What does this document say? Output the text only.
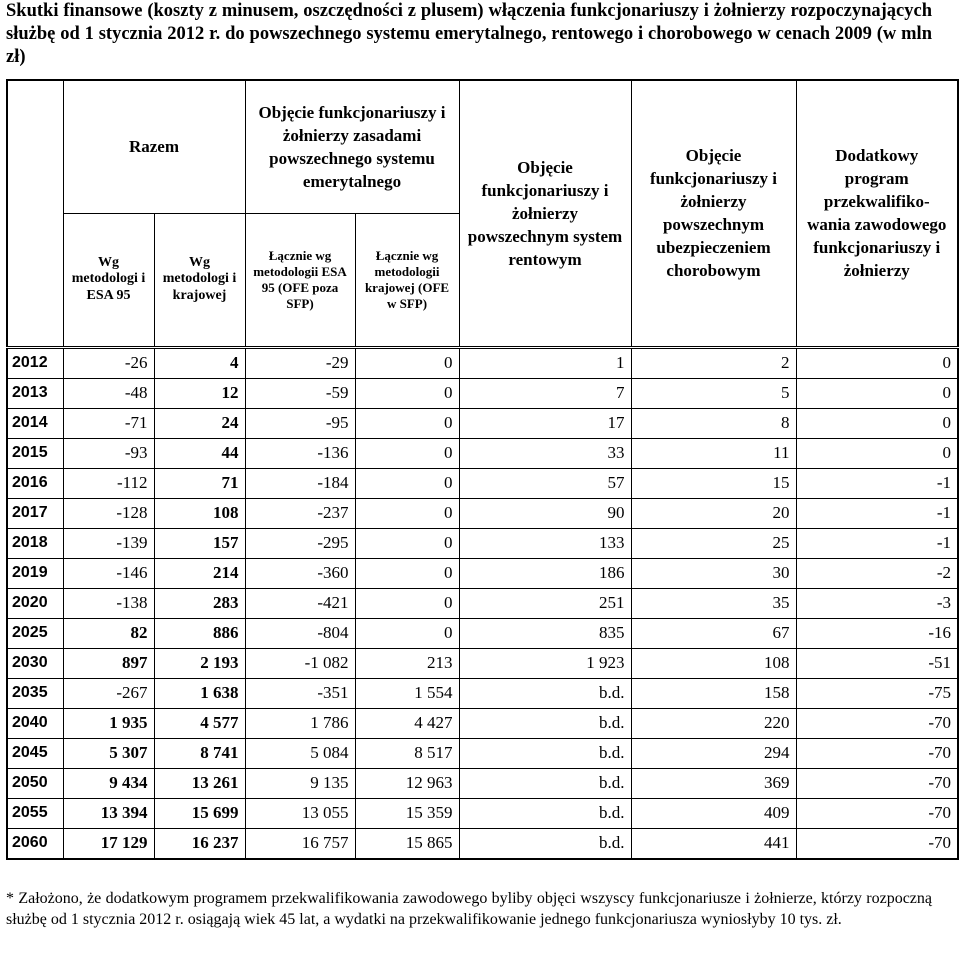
Skutki finansowe (koszty z minusem, oszczędności z plusem) włączenia funkcjonariuszy i żołnierzy rozpoczynających służbę od 1 stycznia 2012 r. do powszechnego systemu emerytalnego, rentowego i chorobowego w cenach 2009 (w mln zł)

	Razem		Objęcie funkcjonariuszy i żołnierzy zasadami powszechnego systemu emerytalnego		Objęcie funkcjonariuszy i żołnierzy powszechnym system rentowym	Objęcie funkcjonariuszy i żołnierzy powszechnym ubezpieczeniem chorobowym	Dodatkowy program przekwalifiko-wania zawodowego funkcjonariuszy i żołnierzy
	Wg metodologi i ESA 95	Wg metodologi i krajowej	Łącznie wg metodologii ESA 95 (OFE poza SFP)	Łącznie wg metodologii krajowej (OFE w SFP)			
2012	-26	4	-29	0	1	2	0
2013	-48	12	-59	0	7	5	0
2014	-71	24	-95	0	17	8	0
2015	-93	44	-136	0	33	11	0
2016	-112	71	-184	0	57	15	-1
2017	-128	108	-237	0	90	20	-1
2018	-139	157	-295	0	133	25	-1
2019	-146	214	-360	0	186	30	-2
2020	-138	283	-421	0	251	35	-3
2025	82	886	-804	0	835	67	-16
2030	897	2 193	-1 082	213	1 923	108	-51
2035	-267	1 638	-351	1 554	b.d.	158	-75
2040	1 935	4 577	1 786	4 427	b.d.	220	-70
2045	5 307	8 741	5 084	8 517	b.d.	294	-70
2050	9 434	13 261	9 135	12 963	b.d.	369	-70
2055	13 394	15 699	13 055	15 359	b.d.	409	-70
2060	17 129	16 237	16 757	15 865	b.d.	441	-70

* Założono, że dodatkowym programem przekwalifikowania zawodowego byliby objęci wszyscy funkcjonariusze i żołnierze, którzy rozpoczną służbę od 1 stycznia 2012 r. osiągają wiek 45 lat, a wydatki na przekwalifikowanie jednego funkcjonariusza wyniosłyby 10 tys. zł.
